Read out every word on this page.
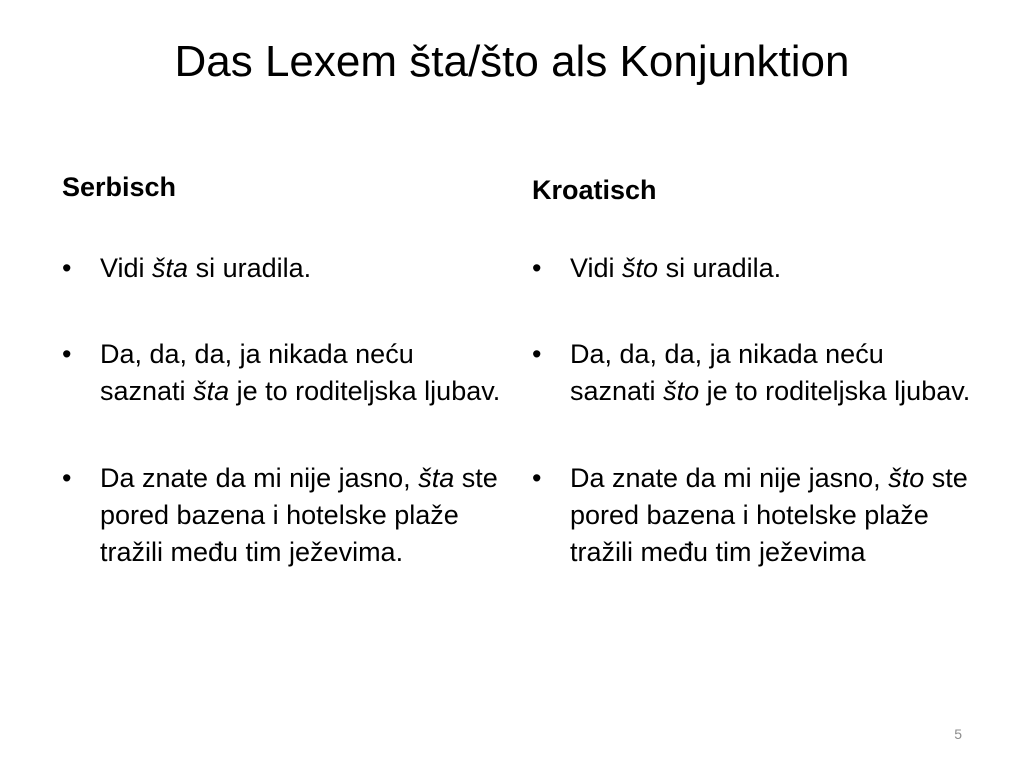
Das Lexem šta/što als Konjunktion
Serbisch
•	Vidi šta si uradila.
•	Da, da, da, ja nikada neću saznati šta je to roditeljska ljubav.
•	Da znate da mi nije jasno, šta ste pored bazena i hotelske plaže tražili među tim ježevima.
Kroatisch
•	Vidi što si uradila.
•	Da, da, da, ja nikada neću saznati što je to roditeljska ljubav.
•	Da znate da mi nije jasno, što ste pored bazena i hotelske plaže tražili među tim ježevima
5
